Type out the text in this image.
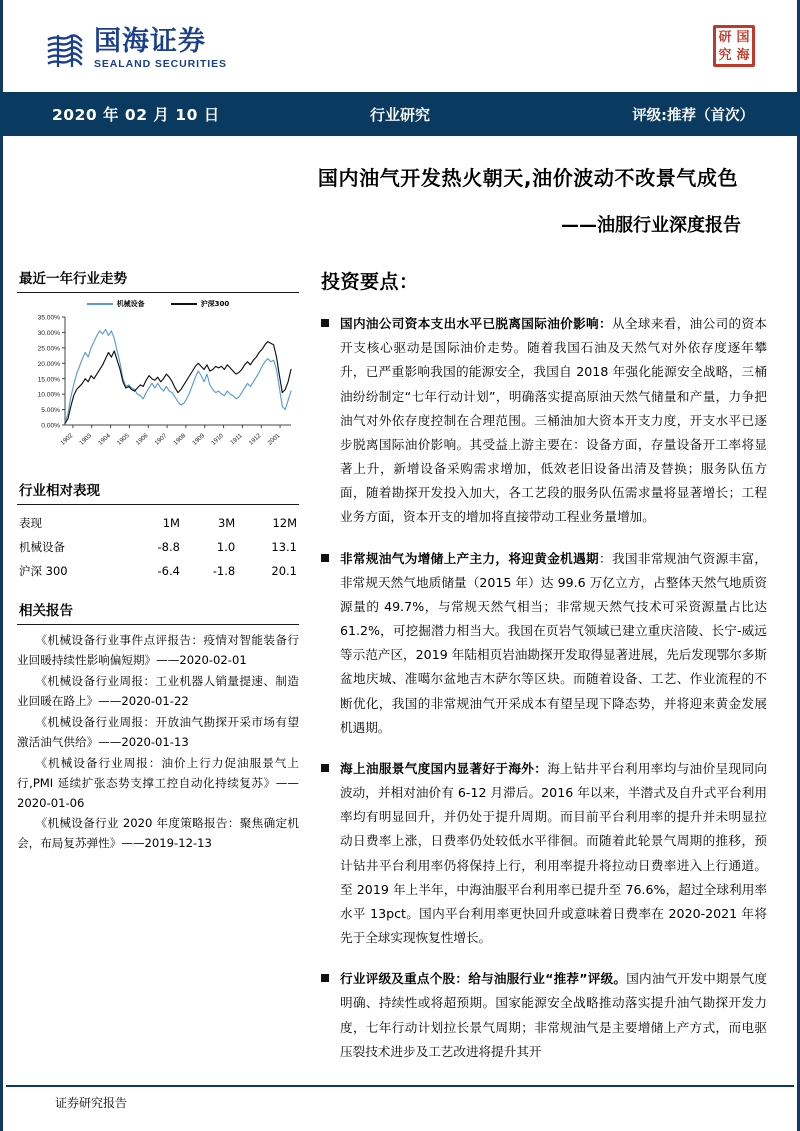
国海证券
SEALAND SECURITIES
研 国
究 海
2020 年 02 月 10 日	行业研究	评级:推荐（首次）
国内油气开发热火朝天,油价波动不改景气成色
——油服行业深度报告
最近一年行业走势
机械设备	沪深300
0.00%
5.00%
10.00%
15.00%
20.00%
25.00%
30.00%
35.00%
1902 1903 1904 1905 1906 1907 1908 1909 1910 1911 1912 2001
行业相对表现
表现	1M	3M	12M
机械设备	-8.8	1.0	13.1
沪深 300	-6.4	-1.8	20.1
相关报告
《机械设备行业事件点评报告：疫情对智能装备行业回暖持续性影响偏短期》——2020-02-01
《机械设备行业周报：工业机器人销量提速、制造业回暖在路上》——2020-01-22
《机械设备行业周报：开放油气勘探开采市场有望激活油气供给》——2020-01-13
《机械设备行业周报：油价上行力促油服景气上行,PMI 延续扩张态势支撑工控自动化持续复苏》——2020-01-06
《机械设备行业 2020 年度策略报告：聚焦确定机会，布局复苏弹性》——2019-12-13
投资要点：
国内油公司资本支出水平已脱离国际油价影响：从全球来看，油公司的资本开支核心驱动是国际油价走势。随着我国石油及天然气对外依存度逐年攀升，已严重影响我国的能源安全，我国自 2018 年强化能源安全战略，三桶油纷纷制定“七年行动计划”，明确落实提高原油天然气储量和产量，力争把油气对外依存度控制在合理范围。三桶油加大资本开支力度，开支水平已逐步脱离国际油价影响。其受益上游主要在：设备方面，存量设备开工率将显著上升，新增设备采购需求增加，低效老旧设备出清及替换；服务队伍方面，随着勘探开发投入加大，各工艺段的服务队伍需求量将显著增长；工程业务方面，资本开支的增加将直接带动工程业务量增加。
非常规油气为增储上产主力，将迎黄金机遇期：我国非常规油气资源丰富，非常规天然气地质储量（2015 年）达 99.6 万亿立方，占整体天然气地质资源量的 49.7%，与常规天然气相当；非常规天然气技术可采资源量占比达 61.2%，可挖掘潜力相当大。我国在页岩气领域已建立重庆涪陵、长宁-威远等示范产区，2019 年陆相页岩油勘探开发取得显著进展，先后发现鄂尔多斯盆地庆城、准噶尔盆地吉木萨尔等区块。而随着设备、工艺、作业流程的不断优化，我国的非常规油气开采成本有望呈现下降态势，并将迎来黄金发展机遇期。
海上油服景气度国内显著好于海外：海上钻井平台利用率均与油价呈现同向波动，并相对油价有 6-12 月滞后。2016 年以来，半潜式及自升式平台利用率均有明显回升，并仍处于提升周期。而目前平台利用率的提升并未明显拉动日费率上涨，日费率仍处较低水平徘徊。而随着此轮景气周期的推移，预计钻井平台利用率仍将保持上行，利用率提升将拉动日费率进入上行通道。至 2019 年上半年，中海油服平台利用率已提升至 76.6%，超过全球利用率水平 13pct。国内平台利用率更快回升或意味着日费率在 2020-2021 年将先于全球实现恢复性增长。
行业评级及重点个股：给与油服行业“推荐”评级。国内油气开发中期景气度明确、持续性或将超预期。国家能源安全战略推动落实提升油气勘探开发力度，七年行动计划拉长景气周期；非常规油气是主要增储上产方式，而电驱压裂技术进步及工艺改进将提升其开
证券研究报告
